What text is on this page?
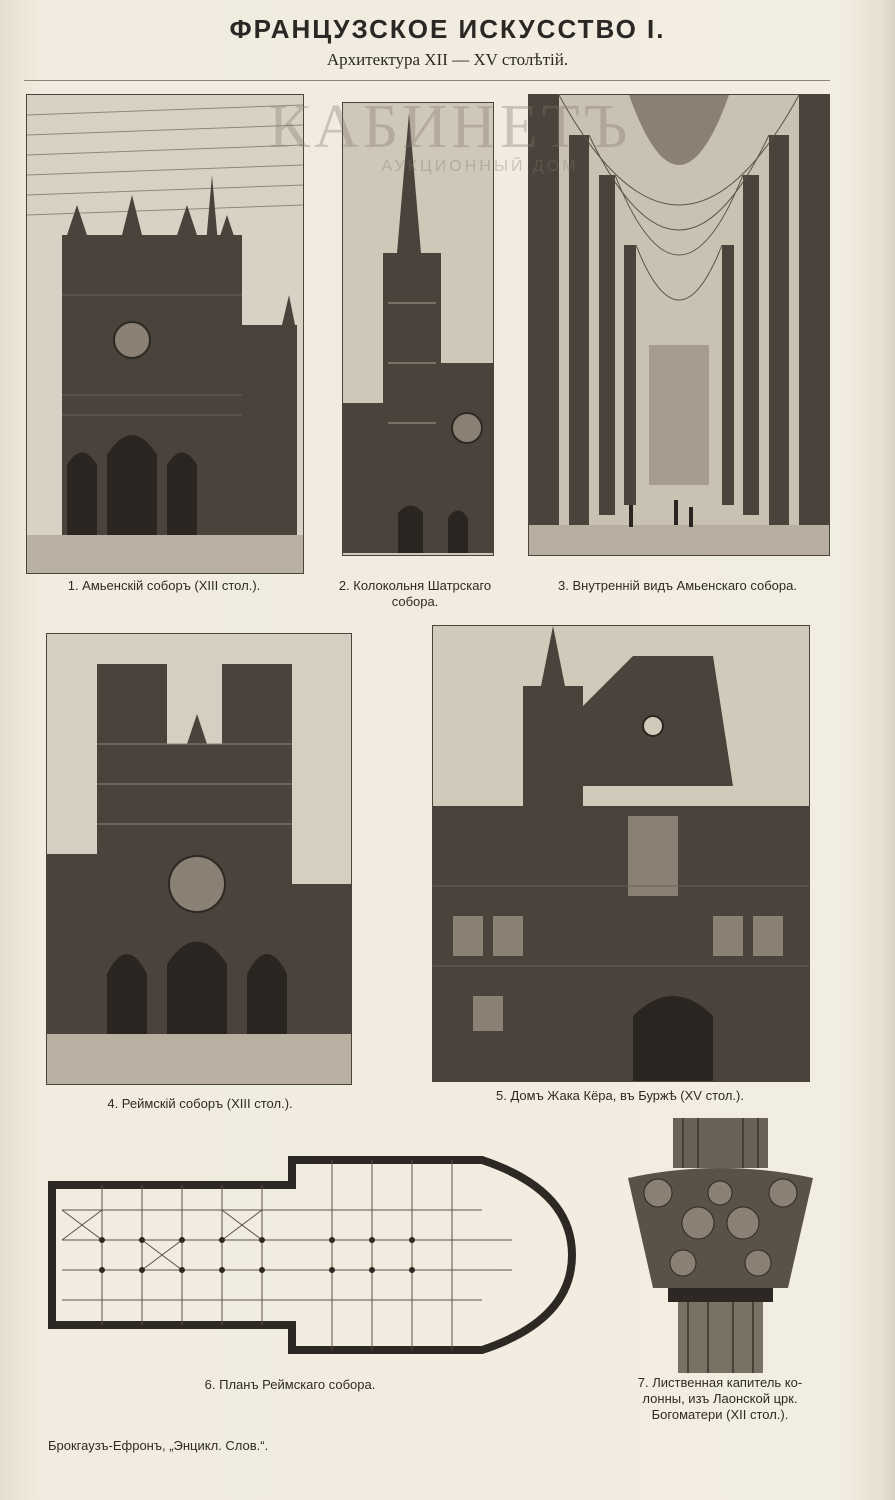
ФРАНЦУЗСКОЕ ИСКУССТВО I.
Архитектура XII — XV столѣтій.
1. Амьенскій соборъ (XIII стол.).	2. Колокольня Шатрскаго
собора.
3. Внутренній видъ Амьенскаго собора.
4. Реймскій соборъ (XIII стол.).
5. Домъ Жака Кёра, въ Буржѣ (XV стол.).
6. Планъ Реймскаго собора.	7. Лиственная капитель ко-
лонны, изъ Лаонской црк.
Богоматери (XII стол.).
Брокгаузъ-Ефронъ, „Энцикл. Слов.“.
КАБИНЕТЪ
АУКЦИОННЫЙ ДОМ
